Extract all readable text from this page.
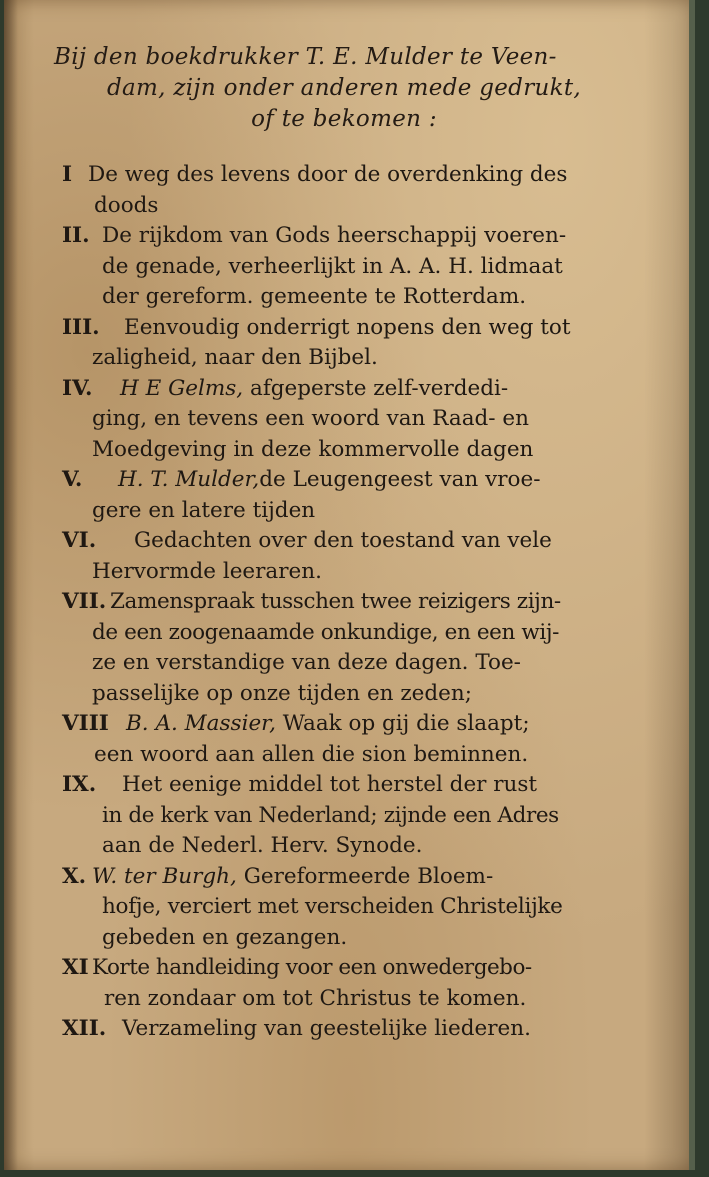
Bij den boekdrukker T. E. Mulder te Veen-
dam, zijn onder anderen mede gedrukt,
of te bekomen :
I De weg des levens door de overdenking des
doods
II. De rijkdom van Gods heerschappij voeren-
de genade, verheerlijkt in A. A. H. lidmaat
der gereform. gemeente te Rotterdam.
III. Eenvoudig onderrigt nopens den weg tot
zaligheid, naar den Bijbel.
IV. H E Gelms, afgeperste zelf-verdedi-
ging, en tevens een woord van Raad- en
Moedgeving in deze kommervolle dagen
V. H. T. Mulder,de Leugengeest van vroe-
gere en latere tijden
VI. Gedachten over den toestand van vele
Hervormde leeraren.
VII. Zamenspraak tusschen twee reizigers zijn-
de een zoogenaamde onkundige, en een wij-
ze en verstandige van deze dagen. Toe-
passelijke op onze tijden en zeden;
VIII B. A. Massier, Waak op gij die slaapt;
een woord aan allen die sion beminnen.
IX. Het eenige middel tot herstel der rust
in de kerk van Nederland; zijnde een Adres
aan de Nederl. Herv. Synode.
X. W. ter Burgh, Gereformeerde Bloem-
hofje, verciert met verscheiden Christelijke
gebeden en gezangen.
XI Korte handleiding voor een onwedergebo-
ren zondaar om tot Christus te komen.
XII. Verzameling van geestelijke liederen.
